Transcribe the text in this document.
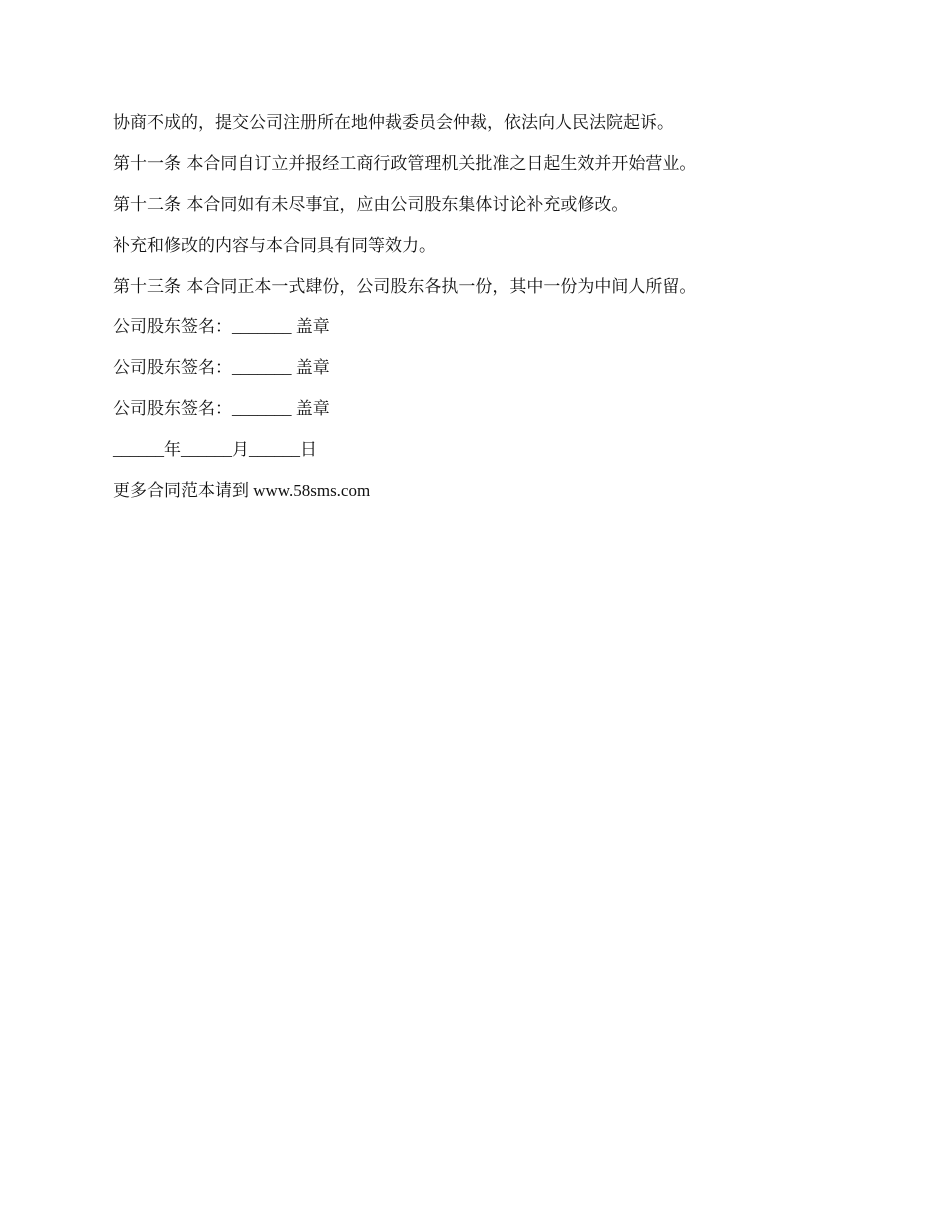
协商不成的，提交公司注册所在地仲裁委员会仲裁，依法向人民法院起诉。
第十一条 本合同自订立并报经工商行政管理机关批准之日起生效并开始营业。
第十二条 本合同如有未尽事宜，应由公司股东集体讨论补充或修改。
补充和修改的内容与本合同具有同等效力。
第十三条 本合同正本一式肆份，公司股东各执一份，其中一份为中间人所留。
公司股东签名：_______ 盖章
公司股东签名：_______ 盖章
公司股东签名：_______ 盖章
______年______月______日
更多合同范本请到 www.58sms.com
